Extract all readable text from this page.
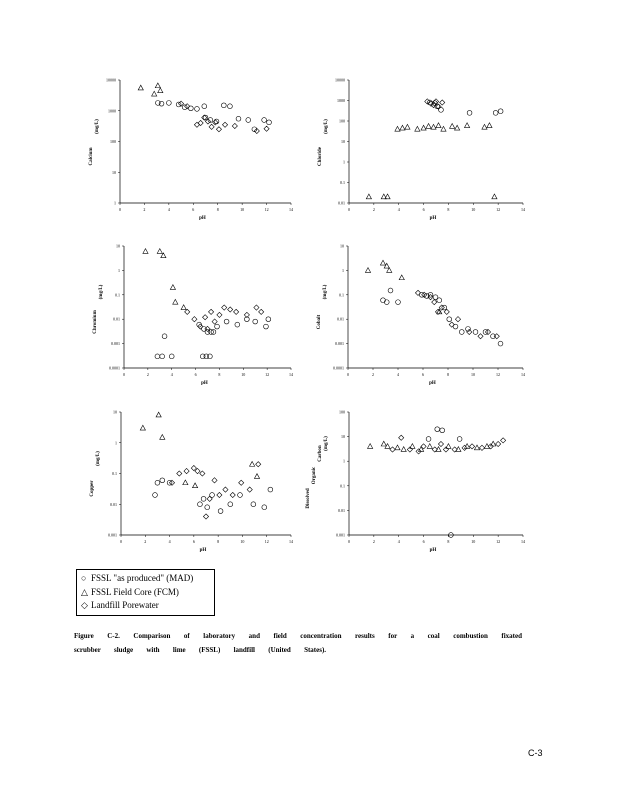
1
10
100
1000
10000
0	2	4	6	8	10	12	14
pH
Calcium
(mg/L)
0.01
0.1
1
10
100
1000
10000
0	2	4	6	8	10	12	14
pH
Chloride
(mg/L)
0.0001
0.001
0.01
0.1
1
10
0	2	4	6	8	10	12	14
pH
Chromium
(mg/L)
0.0001
0.001
0.01
0.1
1
10
0	2	4	6	8	10	12	14
pH
Cobalt
(mg/L)
0.001
0.01
0.1
1
10
0	2	4	6	8	10	12	14
pH
Copper
(mg/L)
0.001
0.01
0.1
1
10
100
0	2	4	6	8	10	12	14
pH
Dissolved
Organic
Carbon
(mg/L)
○ FSSL "as produced" (MAD)
△ FSSL Field Core (FCM)
◇ Landfill Porewater
Figure C-2. Comparison of laboratory and field concentration results for a coal combustion fixated
scrubber sludge with lime (FSSL) landfill (United States).
C-3
